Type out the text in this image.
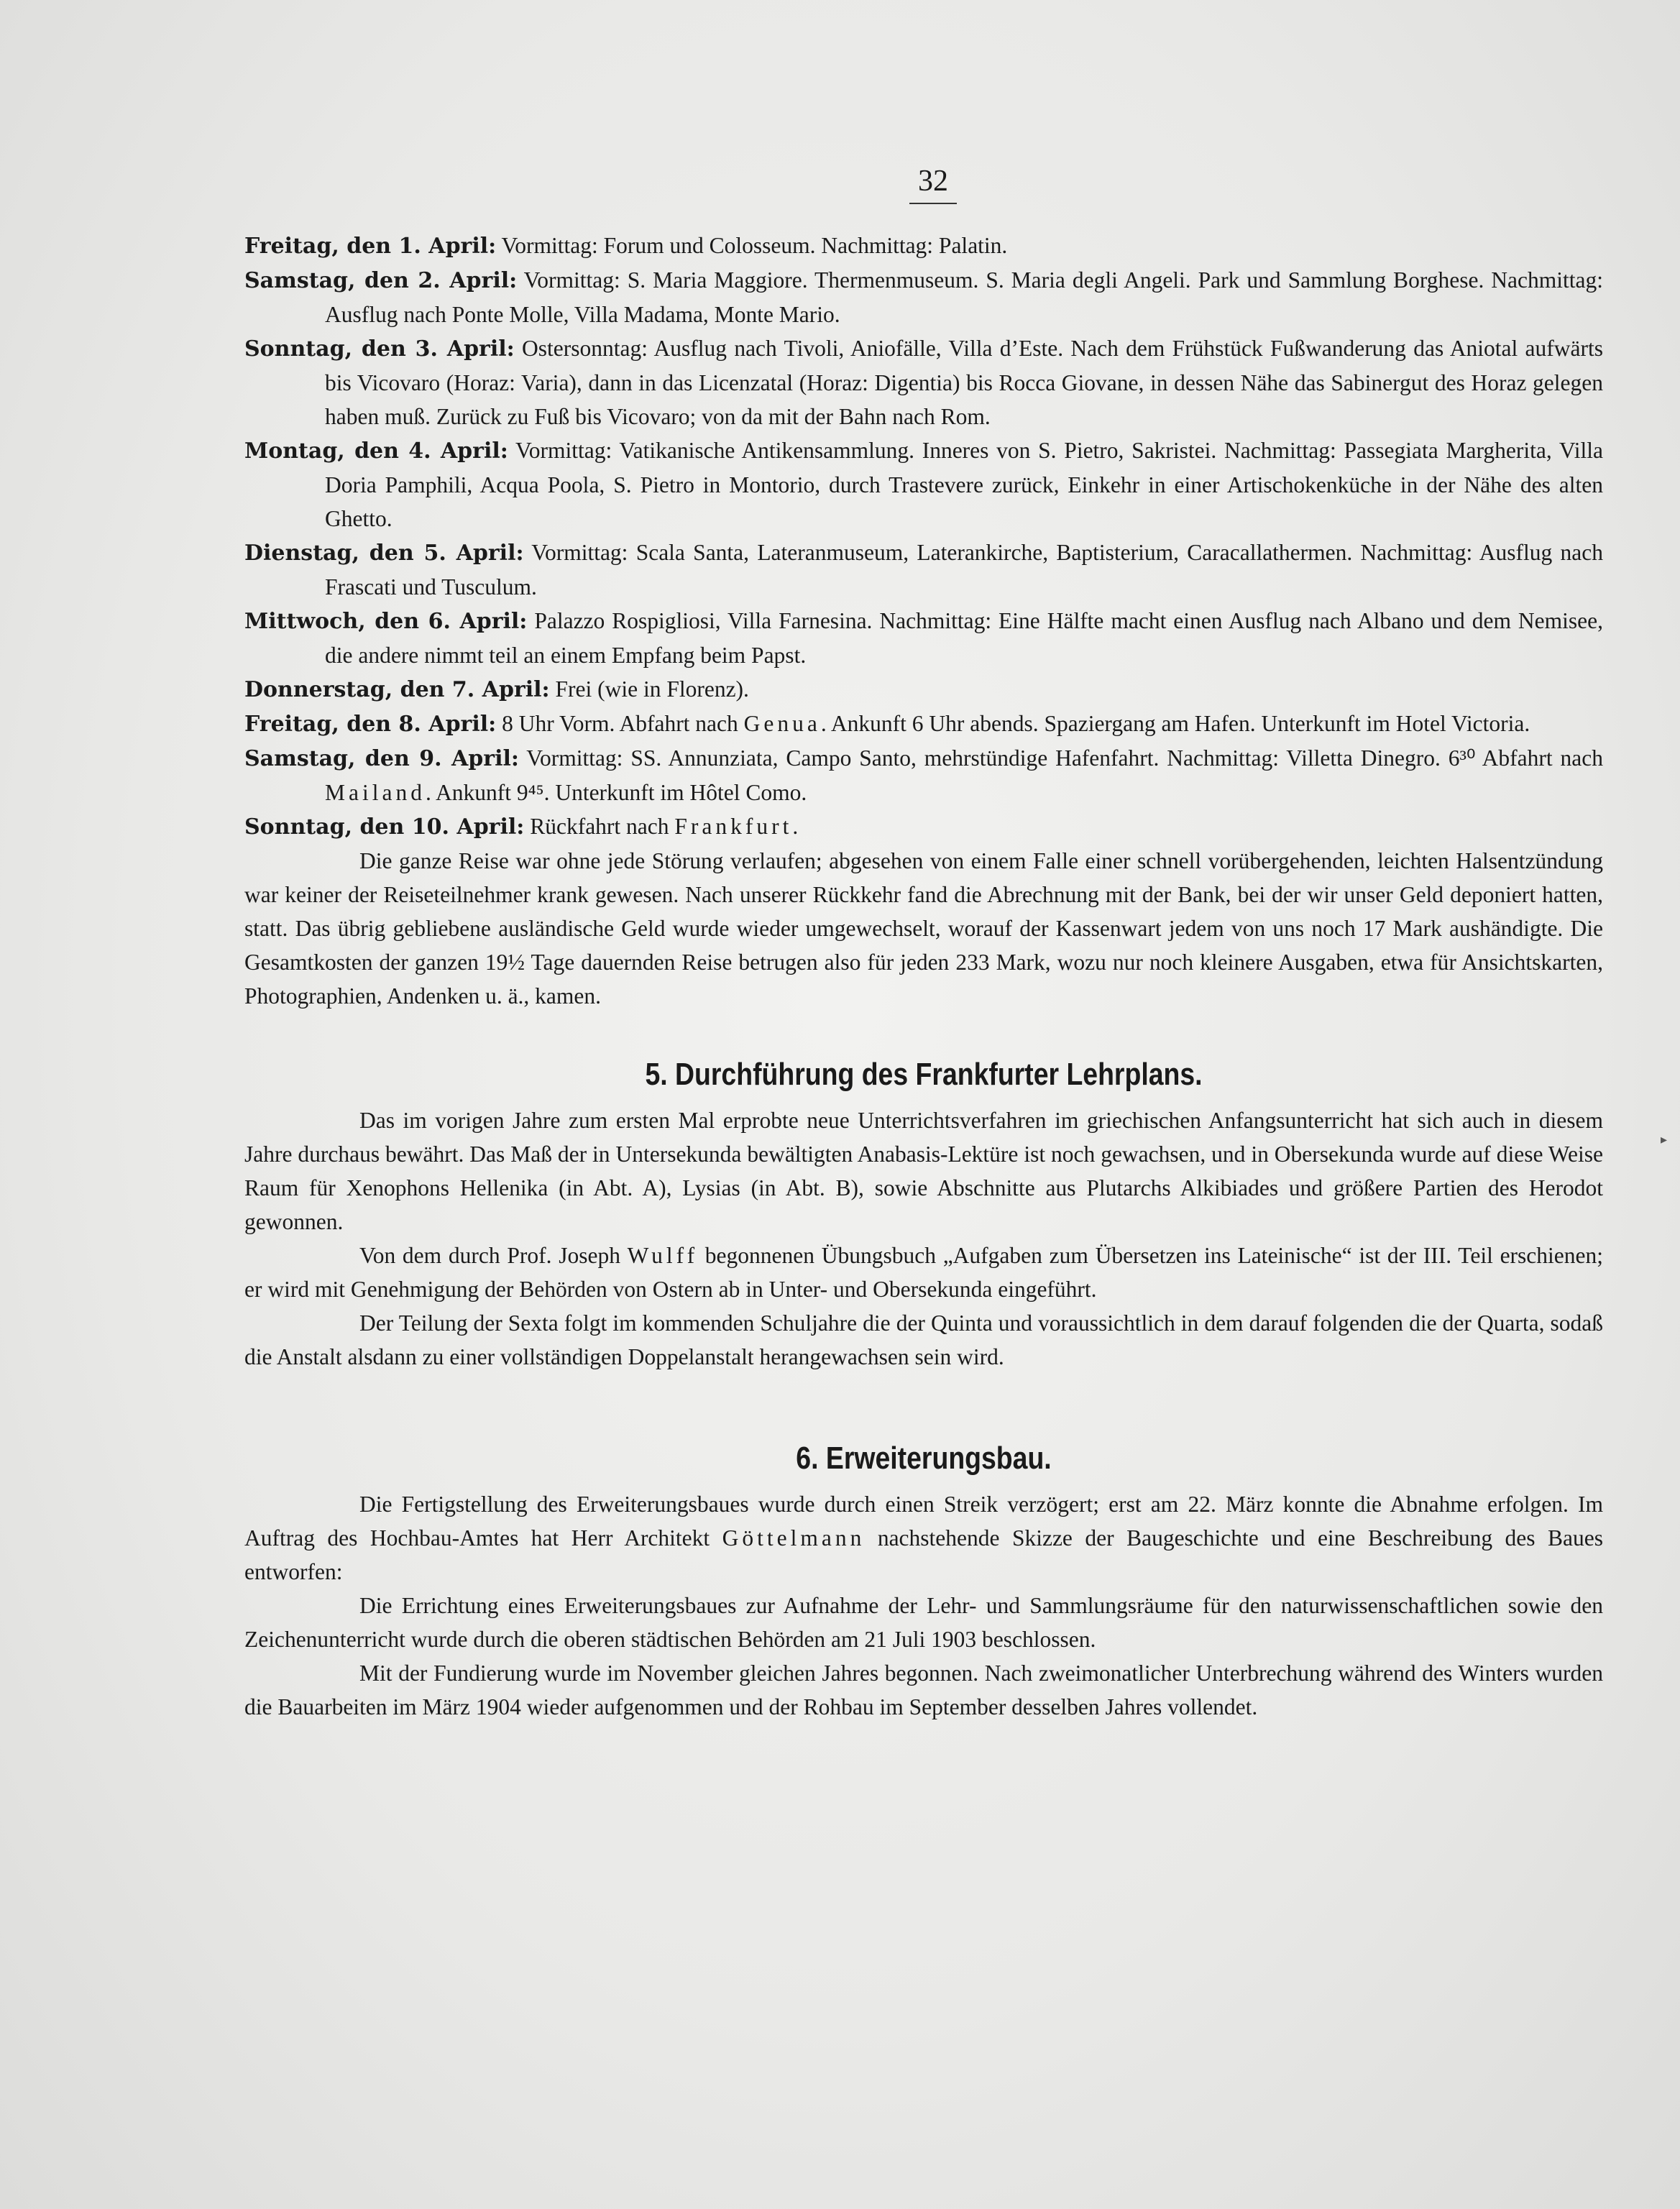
32
▸

Freitag, den 1. April: Vormittag: Forum und Colosseum. Nachmittag: Palatin.

Samstag, den 2. April: Vormittag: S. Maria Maggiore. Thermenmuseum. S. Maria degli Angeli. Park und Sammlung Borghese. Nachmittag: Ausflug nach Ponte Molle, Villa Madama, Monte Mario.

Sonntag, den 3. April: Ostersonntag: Ausflug nach Tivoli, Aniofälle, Villa d’Este. Nach dem Frühstück Fußwanderung das Aniotal aufwärts bis Vicovaro (Horaz: Varia), dann in das Licenzatal (Horaz: Digentia) bis Rocca Giovane, in dessen Nähe das Sabinergut des Horaz gelegen haben muß. Zurück zu Fuß bis Vicovaro; von da mit der Bahn nach Rom.

Montag, den 4. April: Vormittag: Vatikanische Antikensammlung. Inneres von S. Pietro, Sakristei. Nachmittag: Passegiata Margherita, Villa Doria Pamphili, Acqua Poola, S. Pietro in Montorio, durch Trastevere zurück, Einkehr in einer Artischokenküche in der Nähe des alten Ghetto.

Dienstag, den 5. April: Vormittag: Scala Santa, Lateranmuseum, Laterankirche, Baptisterium, Caracallathermen. Nachmittag: Ausflug nach Frascati und Tusculum.

Mittwoch, den 6. April: Palazzo Rospigliosi, Villa Farnesina. Nachmittag: Eine Hälfte macht einen Ausflug nach Albano und dem Nemisee, die andere nimmt teil an einem Empfang beim Papst.

Donnerstag, den 7. April: Frei (wie in Florenz).

Freitag, den 8. April: 8 Uhr Vorm. Abfahrt nach Genua. Ankunft 6 Uhr abends. Spaziergang am Hafen. Unterkunft im Hotel Victoria.

Samstag, den 9. April: Vormittag: SS. Annunziata, Campo Santo, mehrstündige Hafenfahrt. Nachmittag: Villetta Dinegro. 6³⁰ Abfahrt nach Mailand. Ankunft 9⁴⁵. Unterkunft im Hôtel Como.

Sonntag, den 10. April: Rückfahrt nach Frankfurt.

Die ganze Reise war ohne jede Störung verlaufen; abgesehen von einem Falle einer schnell vorübergehenden, leichten Halsentzündung war keiner der Reiseteilnehmer krank gewesen. Nach unserer Rückkehr fand die Abrechnung mit der Bank, bei der wir unser Geld deponiert hatten, statt. Das übrig gebliebene ausländische Geld wurde wieder umgewechselt, worauf der Kassenwart jedem von uns noch 17 Mark aushändigte. Die Gesamtkosten der ganzen 19½ Tage dauernden Reise betrugen also für jeden 233 Mark, wozu nur noch kleinere Ausgaben, etwa für Ansichtskarten, Photographien, Andenken u. ä., kamen.

5. Durchführung des Frankfurter Lehrplans.

Das im vorigen Jahre zum ersten Mal erprobte neue Unterrichtsverfahren im griechischen Anfangsunterricht hat sich auch in diesem Jahre durchaus bewährt. Das Maß der in Untersekunda bewältigten Anabasis-Lektüre ist noch gewachsen, und in Obersekunda wurde auf diese Weise Raum für Xenophons Hellenika (in Abt. A), Lysias (in Abt. B), sowie Abschnitte aus Plutarchs Alkibiades und größere Partien des Herodot gewonnen.

Von dem durch Prof. Joseph Wulff begonnenen Übungsbuch „Aufgaben zum Übersetzen ins Lateinische“ ist der III. Teil erschienen; er wird mit Genehmigung der Behörden von Ostern ab in Unter- und Obersekunda eingeführt.

Der Teilung der Sexta folgt im kommenden Schuljahre die der Quinta und voraussichtlich in dem darauf folgenden die der Quarta, sodaß die Anstalt alsdann zu einer vollständigen Doppelanstalt herangewachsen sein wird.

6. Erweiterungsbau.

Die Fertigstellung des Erweiterungsbaues wurde durch einen Streik verzögert; erst am 22. März konnte die Abnahme erfolgen. Im Auftrag des Hochbau-Amtes hat Herr Architekt Göttelmann nachstehende Skizze der Baugeschichte und eine Beschreibung des Baues entworfen:

Die Errichtung eines Erweiterungsbaues zur Aufnahme der Lehr- und Sammlungsräume für den naturwissenschaftlichen sowie den Zeichenunterricht wurde durch die oberen städtischen Behörden am 21 Juli 1903 beschlossen.

Mit der Fundierung wurde im November gleichen Jahres begonnen. Nach zweimonatlicher Unterbrechung während des Winters wurden die Bauarbeiten im März 1904 wieder aufgenommen und der Rohbau im September desselben Jahres vollendet.
